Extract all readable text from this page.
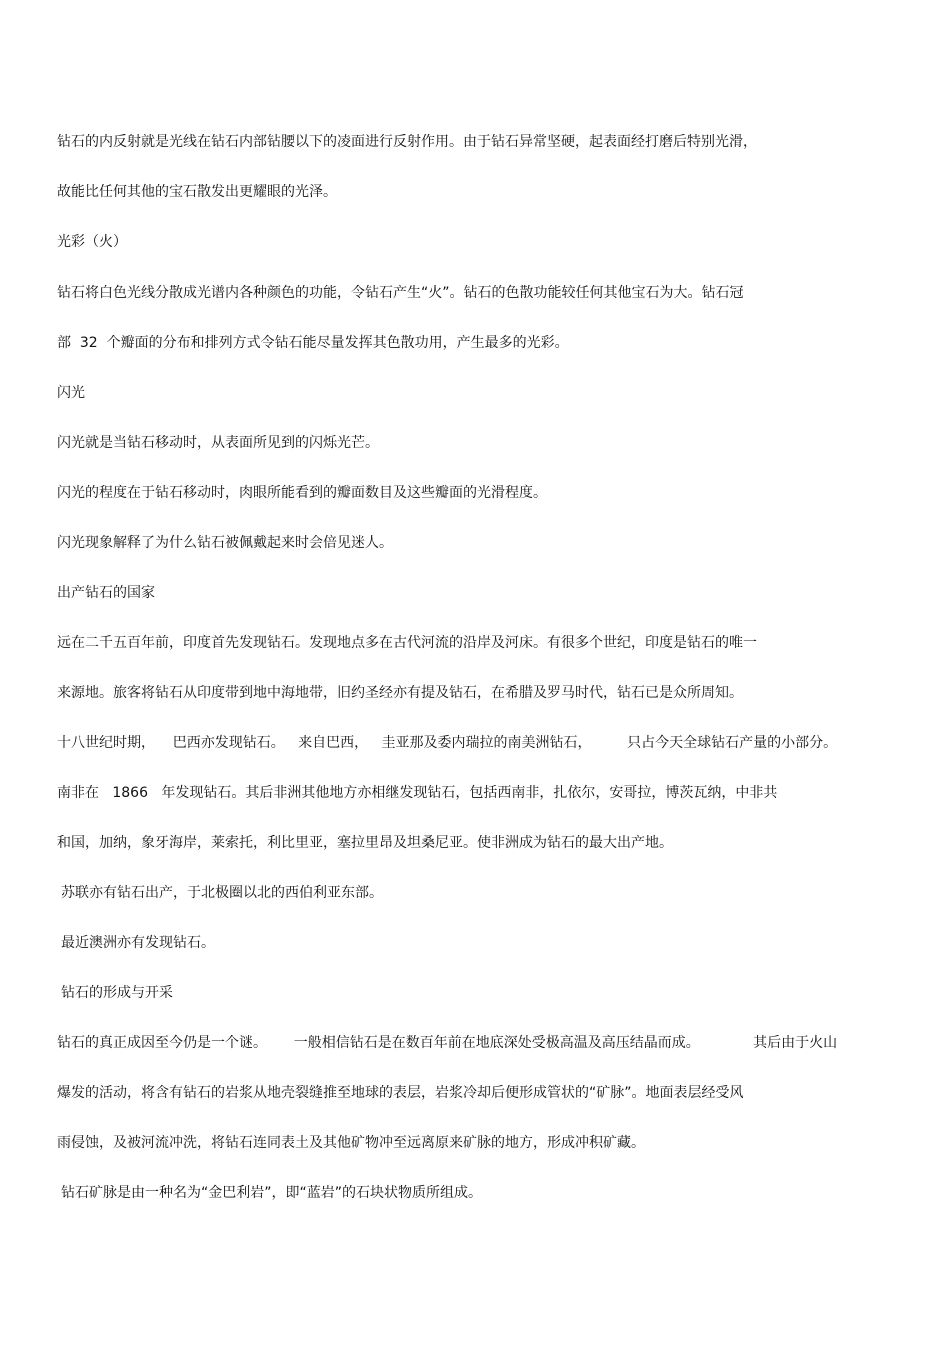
钻石的内反射就是光线在钻石内部钻腰以下的凌面进行反射作用。由于钻石异常坚硬，起表面经打磨后特别光滑，

故能比任何其他的宝石散发出更耀眼的光泽。

光彩（火）

钻石将白色光线分散成光谱内各种颜色的功能，令钻石产生“火”。钻石的色散功能较任何其他宝石为大。钻石冠

部  32  个瓣面的分布和排列方式令钻石能尽量发挥其色散功用，产生最多的光彩。

闪光

闪光就是当钻石移动时，从表面所见到的闪烁光芒。

闪光的程度在于钻石移动时，肉眼所能看到的瓣面数目及这些瓣面的光滑程度。

闪光现象解释了为什么钻石被佩戴起来时会倍见迷人。

出产钻石的国家

远在二千五百年前，印度首先发现钻石。发现地点多在古代河流的沿岸及河床。有很多个世纪，印度是钻石的唯一

来源地。旅客将钻石从印度带到地中海地带，旧约圣经亦有提及钻石，在希腊及罗马时代，钻石已是众所周知。

十八世纪时期，    巴西亦发现钻石。   来自巴西，   圭亚那及委内瑞拉的南美洲钻石，        只占今天全球钻石产量的小部分。

南非在   1866   年发现钻石。其后非洲其他地方亦相继发现钻石，包括西南非，扎依尔，安哥拉，博茨瓦纳，中非共

和国，加纳，象牙海岸，莱索托，利比里亚，塞拉里昂及坦桑尼亚。使非洲成为钻石的最大出产地。

苏联亦有钻石出产，于北极圈以北的西伯利亚东部。

最近澳洲亦有发现钻石。

钻石的形成与开采

钻石的真正成因至今仍是一个谜。      一般相信钻石是在数百年前在地底深处受极高温及高压结晶而成。            其后由于火山

爆发的活动，将含有钻石的岩浆从地壳裂缝推至地球的表层，岩浆冷却后便形成管状的“矿脉”。地面表层经受风

雨侵蚀，及被河流冲洗，将钻石连同表土及其他矿物冲至远离原来矿脉的地方，形成冲积矿藏。

钻石矿脉是由一种名为“金巴利岩”，即“蓝岩”的石块状物质所组成。
